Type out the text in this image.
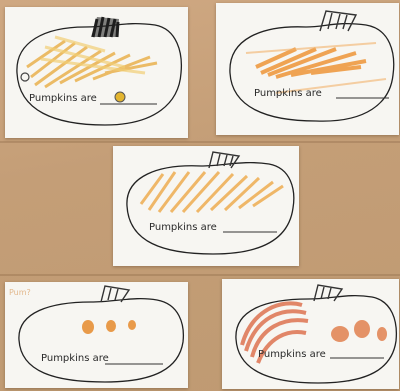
Pumpkins are	Pumpkins are
Pumpkins are
Pum?
Pumpkins are	Pumpkins are
